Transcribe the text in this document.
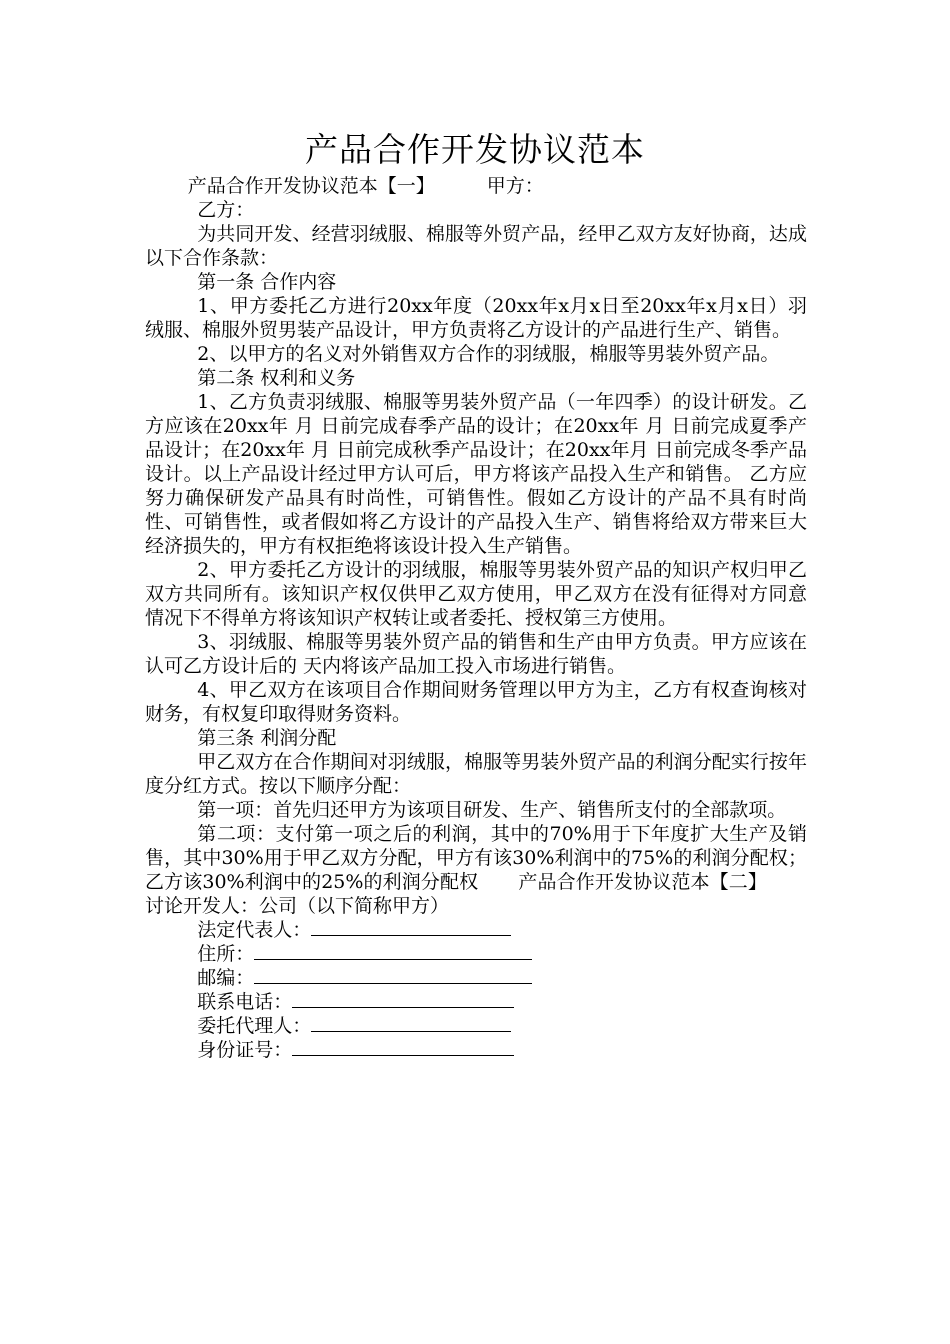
产品合作开发协议范本

产品合作开发协议范本【一】	甲方：

乙方：

为共同开发、经营羽绒服、棉服等外贸产品，经甲乙双方友好协商，达成以下合作条款：

第一条 合作内容

1、甲方委托乙方进行20xx年度（20xx年x月x日至20xx年x月x日）羽绒服、棉服外贸男装产品设计，甲方负责将乙方设计的产品进行生产、销售。

2、以甲方的名义对外销售双方合作的羽绒服，棉服等男装外贸产品。

第二条 权利和义务

1、乙方负责羽绒服、棉服等男装外贸产品（一年四季）的设计研发。乙方应该在20xx年 月 日前完成春季产品的设计；在20xx年 月 日前完成夏季产品设计；在20xx年 月 日前完成秋季产品设计；在20xx年月 日前完成冬季产品设计。以上产品设计经过甲方认可后，甲方将该产品投入生产和销售。 乙方应努力确保研发产品具有时尚性，可销售性。假如乙方设计的产品不具有时尚性、可销售性，或者假如将乙方设计的产品投入生产、销售将给双方带来巨大经济损失的，甲方有权拒绝将该设计投入生产销售。

2、甲方委托乙方设计的羽绒服，棉服等男装外贸产品的知识产权归甲乙双方共同所有。该知识产权仅供甲乙双方使用，甲乙双方在没有征得对方同意情况下不得单方将该知识产权转让或者委托、授权第三方使用。

3、羽绒服、棉服等男装外贸产品的销售和生产由甲方负责。甲方应该在认可乙方设计后的 天内将该产品加工投入市场进行销售。

4、甲乙双方在该项目合作期间财务管理以甲方为主，乙方有权查询核对财务，有权复印取得财务资料。

第三条 利润分配

甲乙双方在合作期间对羽绒服，棉服等男装外贸产品的利润分配实行按年度分红方式。按以下顺序分配：

第一项：首先归还甲方为该项目研发、生产、销售所支付的全部款项。

第二项：支付第一项之后的利润，其中的70%用于下年度扩大生产及销售，其中30%用于甲乙双方分配，甲方有该30%利润中的75%的利润分配权；乙方该30%利润中的25%的利润分配权 产品合作开发协议范本【二】讨论开发人：公司（以下简称甲方）

法定代表人：
住所：
邮编：
联系电话：
委托代理人：
身份证号：
